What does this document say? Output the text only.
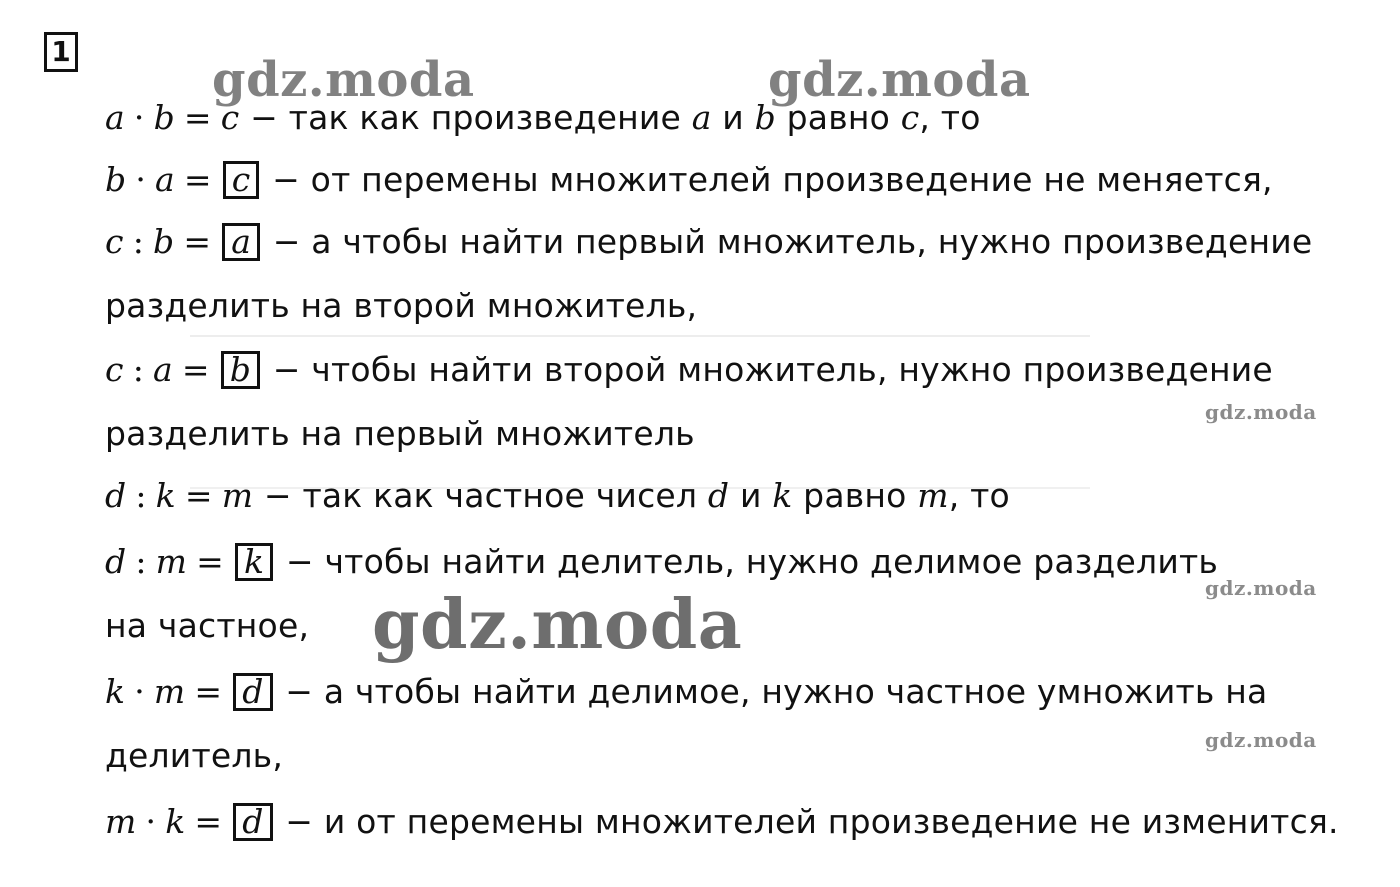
1
gdz.moda	gdz.moda
gdz.moda
gdz.moda
gdz.moda
gdz.moda
a · b = c − так как произведение a и b равно c, то
b · a = c − от перемены множителей произведение не меняется,
c : b = a − а чтобы найти первый множитель, нужно произведение
разделить на второй множитель,
c : a = b − чтобы найти второй множитель, нужно произведение
разделить на первый множитель
d : k = m − так как частное чисел d и k равно m, то
d : m = k − чтобы найти делитель, нужно делимое разделить
на частное,
k · m = d − а чтобы найти делимое, нужно частное умножить на
делитель,
m · k = d − и от перемены множителей произведение не изменится.
